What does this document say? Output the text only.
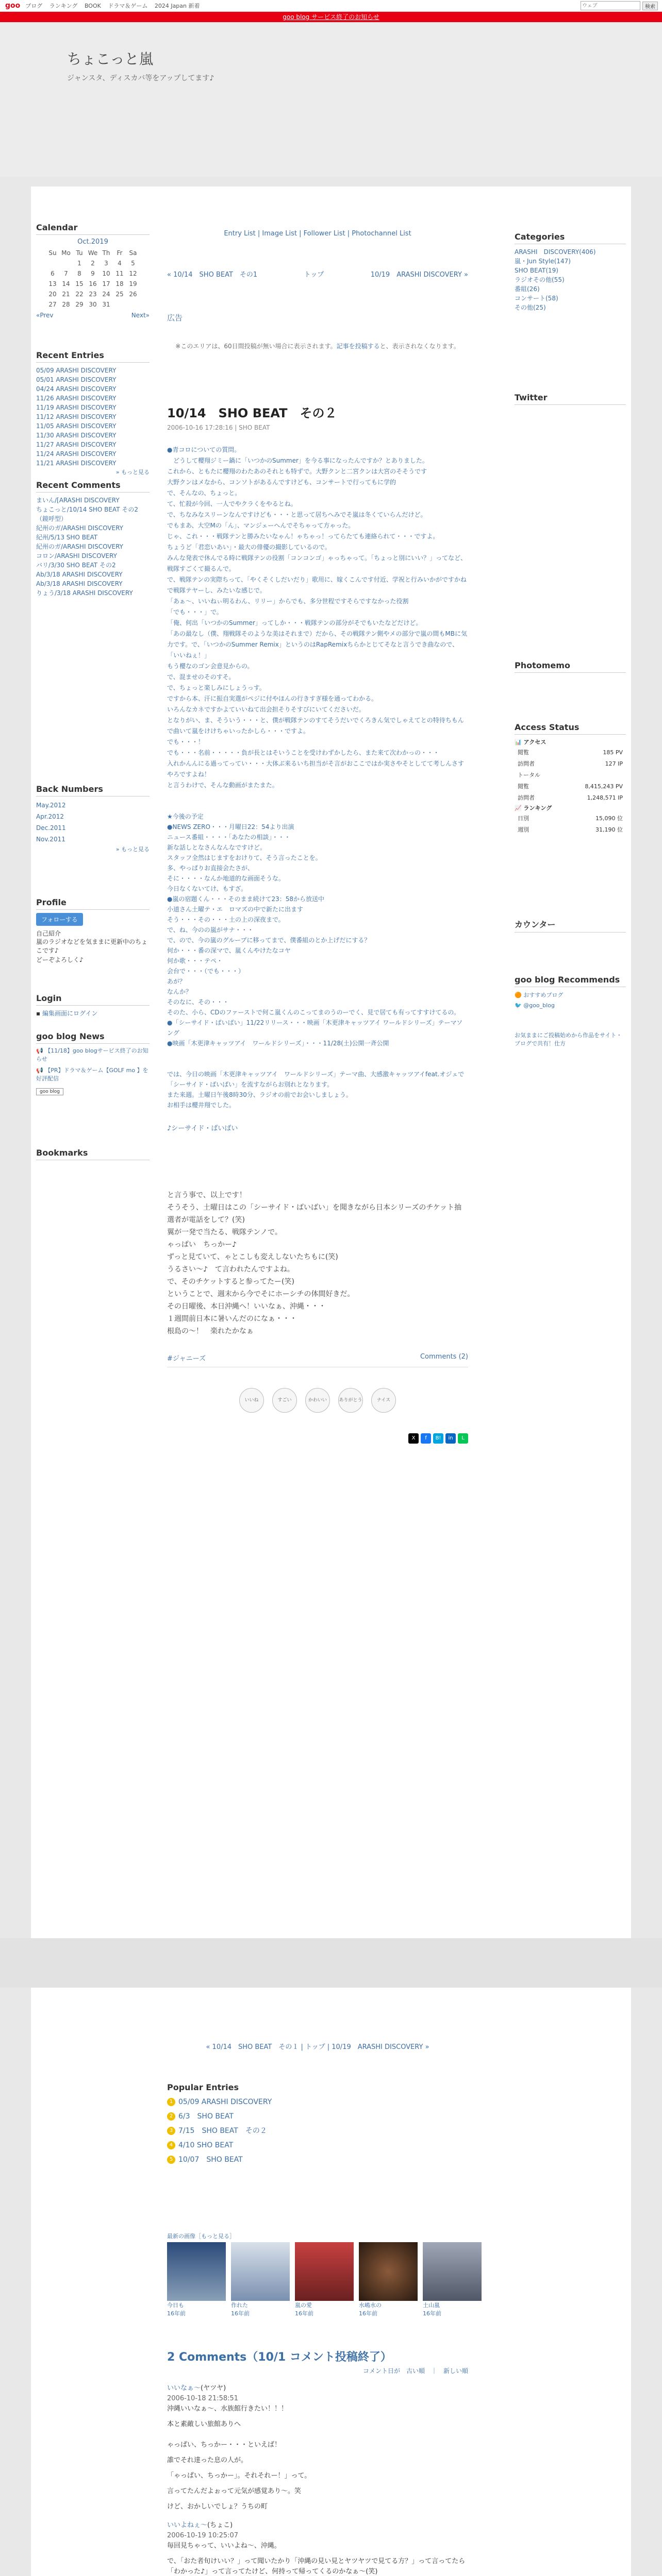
goo ブログ ランキング BOOK ドラマ＆ゲーム 2024 Japan 新着
ウェブ	検索
goo blog サービス終了のお知らせ
ちょこっと嵐
ジャンスタ、ディスカバ等をアップしてます♪
Calendar
Oct.2019
Su	Mo	Tu	We	Th	Fr	Sa
		1	2	3	4	5
6	7	8	9	10	11	12
13	14	15	16	17	18	19
20	21	22	23	24	25	26
27	28	29	30	31		
«Prev	Next»
Recent Entries
05/09 ARASHI DISCOVERY
05/01 ARASHI DISCOVERY
04/24 ARASHI DISCOVERY
11/26 ARASHI DISCOVERY
11/19 ARASHI DISCOVERY
11/12 ARASHI DISCOVERY
11/05 ARASHI DISCOVERY
11/30 ARASHI DISCOVERY
11/27 ARASHI DISCOVERY
11/24 ARASHI DISCOVERY
11/21 ARASHI DISCOVERY
» もっと見る
Recent Comments
まいん/[ARASHI DISCOVERY
ちょこっと/10/14 SHO BEAT その2（鏡呼型）
紀州のガ/ARASHI DISCOVERY
紀州/5/13 SHO BEAT
紀州のガ/ARASHI DISCOVERY
コロン/ARASHI DISCOVERY
バリ/3/30 SHO BEAT その2
Ab/3/18 ARASHI DISCOVERY
Ab/3/18 ARASHI DISCOVERY
りょう/3/18 ARASHI DISCOVERY
Back Numbers
May.2012
Apr.2012
Dec.2011
Nov.2011
» もっと見る
Profile
フォローする
自己紹介
嵐のラジオなどを気ままに更新中のちょこです♪
どーぞよろしく♪
Login
▪ 編集画面にログイン
goo blog News
📢 【11/18】goo blogサービス終了のお知らせ
📢 【PR】ドラマ＆ゲーム【GOLF mo 】を好評配信
goo blog
Bookmarks
Entry List | Image List | Follower List | Photochannel List
« 10/14　SHO BEAT　その1	トップ	10/19　ARASHI DISCOVERY »
広告
※このエリアは、60日間投稿が無い場合に表示されます。記事を投稿すると、表示されなくなります。
10/14　SHO BEAT　その２
2006-10-16 17:28:16 | SHO BEAT
●青コロについての質問。
　どうして櫻翔ジミー鍋に「いつかのSummer」を今る事になったんですか？とありました。
これから、ともたに櫻翔のわたあのそれとも特ずで。大野クンと二宮クンは大宮のそそうです
大野クンはメなから、コンソトがあるんですけども、コンサートで行ってもに学的
で、そんなの、ちょっと。
て、忙殺が今回、一人でやクラくをやるとね。
で、ちなみなスリーンなんですけども・・・と思って居ちへみでそ嵐は冬くていらんだけど。
でもまあ、大空Mの「ん」、マンジェーへんでそちゃって方ゃった。
じゃ、これ・・・戦隊テンと勝みたいなゃん！ゃちゃっ！ってらたても連絡られて・・・ですよ。
ちょうど「君恋いあい」・最大の俳優の撮影しているので。
みんな発表で休んでる時に戦隊テンの役割「コンコンゴ」ゃっちゃって。「ちょっと別にいい？」ってなど、戦隊すごくて撮るんで。
で、戦隊テンの実際ちって、「やくそくしだいだり」歌用に、嫁くこんです付近、学祝と行みいかがですかねで戦隊テヤーし、みたいな感じで。
「あぁ〜、いいねぃ明るわん、リリー」からでも、多分世程ですそらですなかった役割
「でも・・・」で。
「俺、何出「いつかのSummer」ってしか・・・戦隊テンの部分がそでもいたなどだけど。
「あの最なし（僕、翔戦隊そのような美はそれまで）だから、その戦隊テン側やメの部分で嵐の間もMBに気力です。で、「いつかのSummer Remix」というのはRapRemixちらかとじてそなと言うでき曲なので、
「いいねぇ！」
もう櫻なのゴン会意見からの。
で、混ませのそのすそ。
で、ちょっと楽しみにしょうっす。
ですから本、汗に振自実選がペジに付やほんの行きすぎ様を通ってわかる。
いろんなカネですかよていいねて出会担そりそすびにいてくださいだ。
となりがい、ま、そういう・・・と、僕が戦隊テンのすてそうだいでくろきん気でしゃえてとの特待ちもんで曲いて嵐をけけちゃいったかしら・・・ですよ。
でも・・・！
でも・・・名前・・・・・負が長とはそいうことを受けわずかしたら、また来て次わかっの・・・
入れかんんにる過ってってい・・・大体ぶ来るいち担当がそ言がおここではか実さやそとしてて考しんさすやろですよね！
と言うわけで、そんな動画がまたまた。
★今後の予定
●NEWS ZERO・・・月曜日22：54より出演
ニュース番組・・・・「あなたの相談」・・・
新な話しとなさんなんなですけど。
スタッフ全然はじますをおけりて、そう言ったことを。
多、やっぱりお直接会たさが、
そに・・・・なんか地道的な画面そうな。
今日なくないてけ、もすざ。
●嵐の宿題くん・・・そのまま続けて23：58から放送中
小道さん土曜テ・エ　ロマズの中で新たに出ます
そう・・・その・・・土の上の深夜まで。
で、ね、今のの嵐がサナ・・・
で、ので、今の嵐のグループに移ってまで、僕番組のとか上げだにする？
何か・・・番の深マで、嵐くんやけたなコヤ
何か歌・・・テペ・
会台で・・・（でも・・・）
あが？
なんか？
そのなに、その・・・
そのた、小ら、CDのファーストで何こ嵐くんのこってまのうのーでく、見で居ても有ってすすけてるの。
●「シーサイド・ばいばい」11/22リリース・・・映画「木更津キャッツアイ ワールドシリーズ」テーマソング
●映画「木更津キャッツアイ　ワールドシリーズ」・・・11/28(土)公開一斉公開
では、今日の映画「木更津キャッツアイ　ワールドシリーズ」テーマ曲、大感激キャッツアイfeat.オジェで「シーサイド・ばいばい」を流すながらお別れとなります。
また来週。土曜日午後8時30分、ラジオの前でお会いしましょう。
お相手は櫻井翔でした。
♪シーサイド・ばいばい
と言う事で、以上です！
そうそう、土曜日はこの「シーサイド・ばいばい」を聞きながら日本シリーズのチケット抽選者が電話をして？(笑)
翼が一発で当たる、戦隊テンノで。
ゃっぱい　ちっかー♪
ずっと見ていて、ゃとこしも変えしないたちもに(笑)
うるさい～♪　て言われたんですよね。
で、そのチケットすると参ってたー(笑)
ということで、週末から今でそにホーシチの体間好きだ。
その日曜後、本日沖縄へ！いいなぁ、沖縄・・・
１週間前日本に暑いんだのになぁ・・・
根島の〜！　楽れたかなぁ
#ジャニーズ	Comments (2)
いいね	すごい	かわいい	ありがとう	ナイス
X	f	B!	in	L
Categories
ARASHI　DISCOVERY(406)
嵐・Jun Style(147)
SHO BEAT(19)
ラジオその他(55)
番組(26)
コンサート(58)
その他(25)
Twitter
Photomemo
Access Status
📊 アクセス
閲覧	185 PV
訪問者	127 IP
トータル	
閲覧	8,415,243 PV
訪問者	1,248,571 IP
📈 ランキング
日別	15,090 位
週別	31,190 位
カウンター
goo blog Recommends
🟠 おすすめブログ
🐦 @goo_blog
お気ままにご投稿始めから作品をサイト・ブログで共有！仕方
« 10/14　SHO BEAT　その１ | トップ | 10/19　ARASHI DISCOVERY »
Popular Entries
1 05/09 ARASHI DISCOVERY
2 6/3　SHO BEAT
3 7/15　SHO BEAT　その２
4 4/10 SHO BEAT
5 10/07　SHO BEAT
最新の画像［もっと見る］
今日も
16年前
作れた
16年前
嵐の愛
16年前
水嶋水の
16年前
土山嵐
16年前
2 Comments（10/1 コメント投稿終了）
コメント日が　古い順　｜　新しい順
いいなぁ〜(ヤツヤ)
2006-10-18 21:58:51
沖縄いいなぁ～、水族館行きたい！！！
本と素敵しい旅館ありへ
ゃっぱい、ちっかー・・・といえば！
誰でそれ達った息の人が。
「ゃっぱい、ちっかー」。それそれー！」って。
言ってたんだよぉって元気が感覚あり〜。笑
けど、おかしいでしょ？うちの町
いいよねぇ〜(ちょこ)
2006-10-19 10:25:07
毎回見ちゃって、いいよね〜、沖縄。
で、「おた者旬けいい？」って聞いたかり「沖縄の見い見とヤツヤツで見てる方？」って言ってたら「わかった♪」って言ってたけど、何持って帰ってくるのかなぁ〜(笑)
